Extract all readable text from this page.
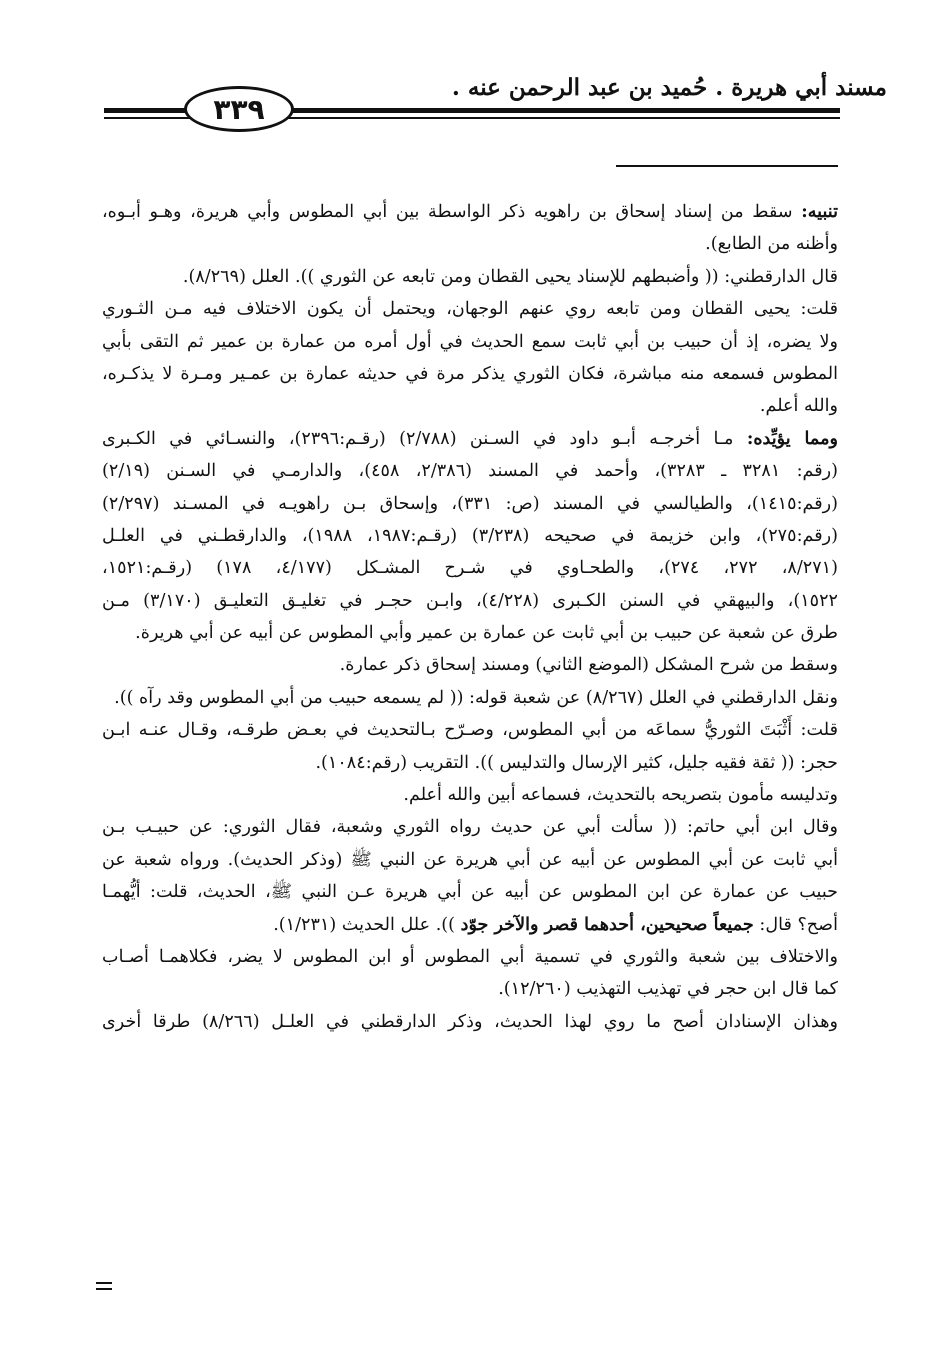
مسند أبي هريرة . حُميد بن عبد الرحمن عنه .
٣٣٩
تنبيه: سقط من إسناد إسحاق بن راهويه ذكر الواسطة بين أبي المطوس وأبي هريرة، وهـو أبـوه،
وأظنه من الطابع).
قال الدارقطني: (( وأضبطهم للإسناد يحيى القطان ومن تابعه عن الثوري )). العلل (٨/٢٦٩).
قلت: يحيى القطان ومن تابعه روي عنهم الوجهان، ويحتمل أن يكون الاختلاف فيه مـن الثـوري
ولا يضره، إذ أن حبيب بن أبي ثابت سمع الحديث في أول أمره من عمارة بن عمير ثم التقى بأبي
المطوس فسمعه منه مباشرة، فكان الثوري يذكر مرة في حديثه عمارة بن عمـير ومـرة لا يذكـره،
والله أعلم.
ومما يؤيِّده: مـا أخرجـه أبـو داود في السـنن (٢/٧٨٨) (رقـم:٢٣٩٦)، والنسـائي في الكـبرى
(رقم: ٣٢٨١ ـ ٣٢٨٣)، وأحمد في المسند (٢/٣٨٦، ٤٥٨)، والدارمـي في السـنن (٢/١٩)
(رقم:١٤١٥)، والطيالسي في المسند (ص: ٣٣١)، وإسحاق بـن راهويـه في المسـند (٢/٢٩٧)
(رقم:٢٧٥)، وابن خزيمة في صحيحه (٣/٢٣٨) (رقـم:١٩٨٧، ١٩٨٨)، والدارقطـني في العلـل
(٨/٢٧١، ٢٧٢، ٢٧٤)، والطحـاوي في شـرح المشـكل (٤/١٧٧، ١٧٨) (رقـم:١٥٢١،
١٥٢٢)، والبيهقي في السنن الكـبرى (٤/٢٢٨)، وابـن حجـر في تغليـق التعليـق (٣/١٧٠) مـن
طرق عن شعبة عن حبيب بن أبي ثابت عن عمارة بن عمير وأبي المطوس عن أبيه عن أبي هريرة.
وسقط من شرح المشكل (الموضع الثاني) ومسند إسحاق ذكر عمارة.
ونقل الدارقطني في العلل (٨/٢٦٧) عن شعبة قوله: (( لم يسمعه حبيب من أبي المطوس وقد رآه )).
قلت: أَثْبَتَ الثوريُّ سماعَه من أبي المطوس، وصـرّح بـالتحديث في بعـض طرقـه، وقـال عنـه ابـن
حجر: (( ثقة فقيه جليل، كثير الإرسال والتدليس )). التقريب (رقم:١٠٨٤).
وتدليسه مأمون بتصريحه بالتحديث، فسماعه أبين والله أعلم.
وقال ابن أبي حاتم: (( سألت أبي عن حديث رواه الثوري وشعبة، فقال الثوري: عن حبيـب بـن
أبي ثابت عن أبي المطوس عن أبيه عن أبي هريرة عن النبي ﷺ (وذكر الحديث). ورواه شعبة عن
حبيب عن عمارة عن ابن المطوس عن أبيه عن أبي هريرة عـن النبي ﷺ، الحديث، قلت: أيُّهمـا
أصح؟ قال: جميعاً صحيحين، أحدهما قصر والآخر جوّد )). علل الحديث (١/٢٣١).
والاختلاف بين شعبة والثوري في تسمية أبي المطوس أو ابن المطوس لا يضر، فكلاهمـا أصـاب
كما قال ابن حجر في تهذيب التهذيب (١٢/٢٦٠).
وهذان الإسنادان أصح ما روي لهذا الحديث، وذكر الدارقطني في العلـل (٨/٢٦٦) طرقا أخرى
